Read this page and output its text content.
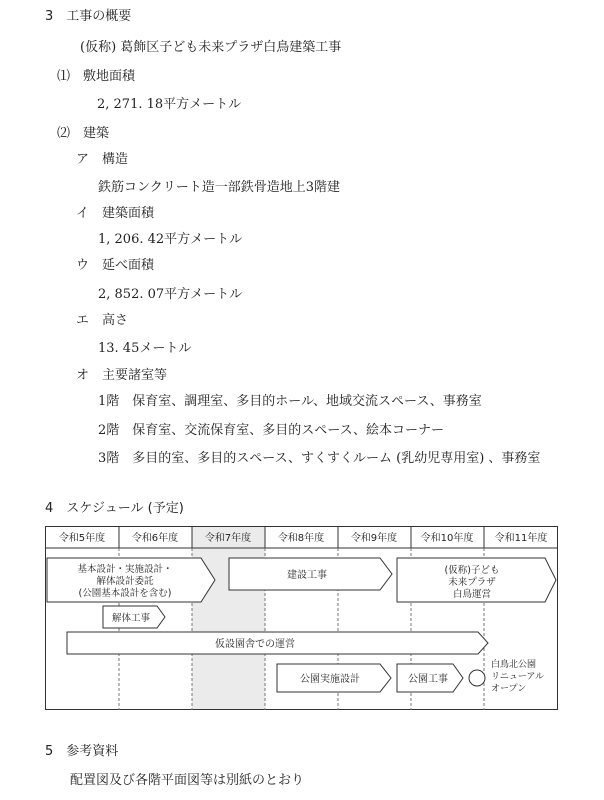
3　工事の概要
(仮称) 葛飾区子ども未来プラザ白鳥建築工事
⑴　敷地面積
2, 271. 18平方メートル
⑵　建築
ア　構造
鉄筋コンクリート造一部鉄骨造地上3階建
イ　建築面積
1, 206. 42平方メートル
ウ　延べ面積
2, 852. 07平方メートル
エ　高さ
13. 45メートル
オ　主要諸室等
1階　保育室、調理室、多目的ホール、地域交流スペース、事務室
2階　保育室、交流保育室、多目的スペース、絵本コーナー
3階　多目的室、多目的スペース、すくすくルーム (乳幼児専用室) 、事務室
4　スケジュール (予定)
令和5年度	令和6年度	令和7年度	令和8年度	令和9年度 令和10年度 令和11年度
基本設計・実施設計・
解体設計委託
(公園基本設計を含む)
建設工事	(仮称)子ども
未来プラザ
白鳥運営
解体工事
仮設園舎での運営
公園実施設計	公園工事
白鳥北公園
リニューアル
オープン
5　参考資料
配置図及び各階平面図等は別紙のとおり
